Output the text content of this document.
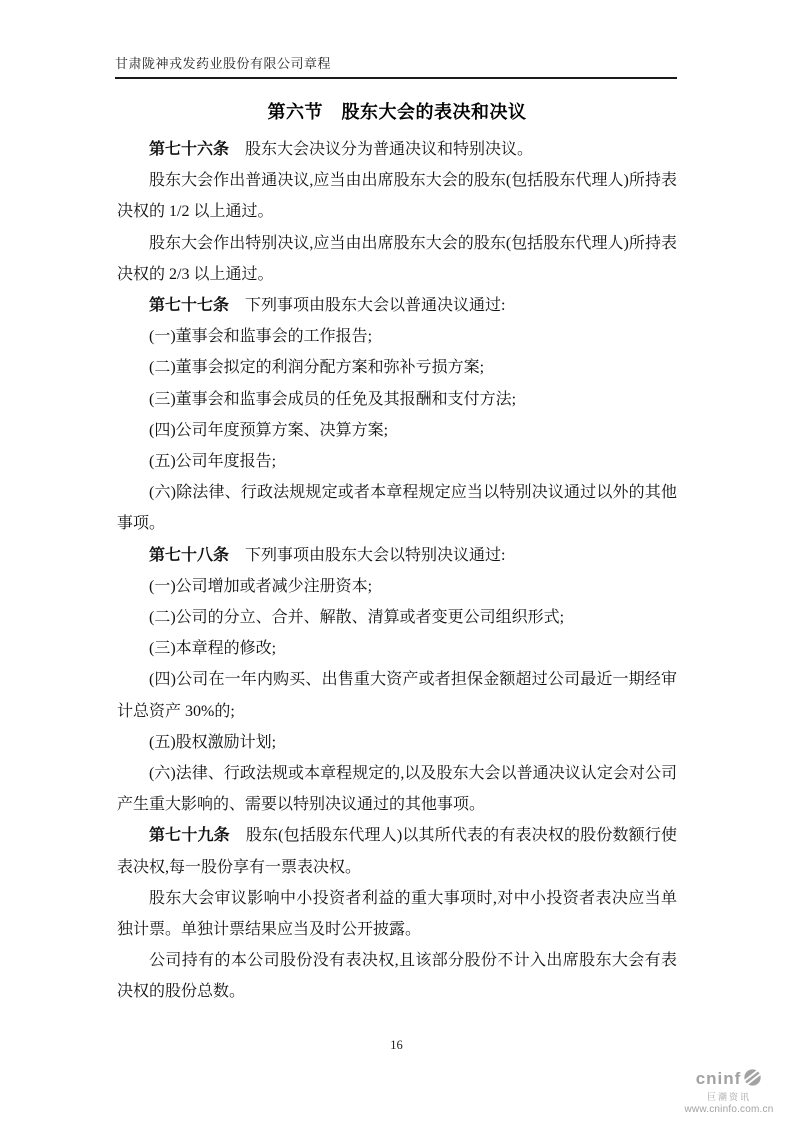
甘肃陇神戎发药业股份有限公司章程
第六节　股东大会的表决和决议

第七十六条 股东大会决议分为普通决议和特别决议。

股东大会作出普通决议,应当由出席股东大会的股东(包括股东代理人)所持表决权的 1/2 以上通过。

股东大会作出特别决议,应当由出席股东大会的股东(包括股东代理人)所持表决权的 2/3 以上通过。

第七十七条 下列事项由股东大会以普通决议通过:

(一)董事会和监事会的工作报告;

(二)董事会拟定的利润分配方案和弥补亏损方案;

(三)董事会和监事会成员的任免及其报酬和支付方法;

(四)公司年度预算方案、决算方案;

(五)公司年度报告;

(六)除法律、行政法规规定或者本章程规定应当以特别决议通过以外的其他事项。

第七十八条 下列事项由股东大会以特别决议通过:

(一)公司增加或者减少注册资本;

(二)公司的分立、合并、解散、清算或者变更公司组织形式;

(三)本章程的修改;

(四)公司在一年内购买、出售重大资产或者担保金额超过公司最近一期经审计总资产 30%的;

(五)股权激励计划;

(六)法律、行政法规或本章程规定的,以及股东大会以普通决议认定会对公司产生重大影响的、需要以特别决议通过的其他事项。

第七十九条 股东(包括股东代理人)以其所代表的有表决权的股份数额行使表决权,每一股份享有一票表决权。

股东大会审议影响中小投资者利益的重大事项时,对中小投资者表决应当单独计票。单独计票结果应当及时公开披露。

公司持有的本公司股份没有表决权,且该部分股份不计入出席股东大会有表决权的股份总数。

16
cninf
巨潮资讯
www.cninfo.com.cn
